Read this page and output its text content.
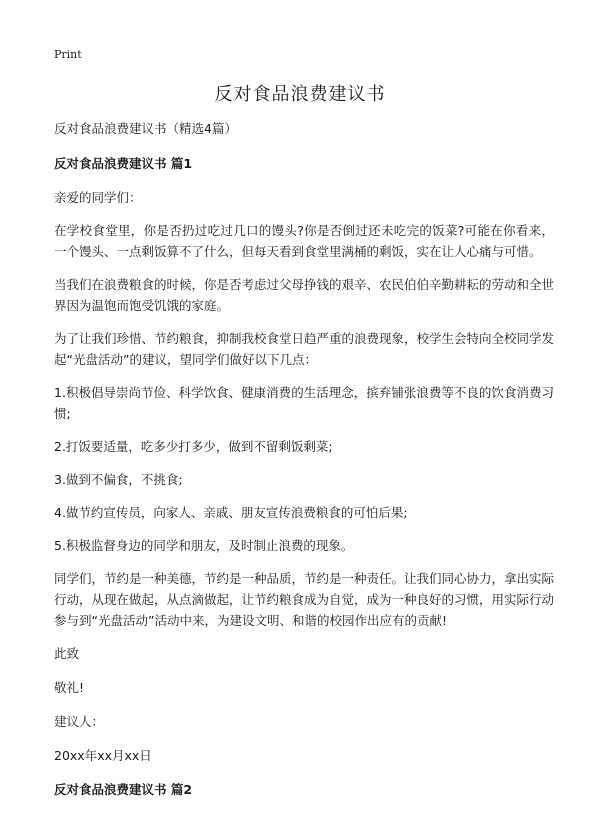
Print
反对食品浪费建议书

反对食品浪费建议书（精选4篇）

反对食品浪费建议书 篇1

亲爱的同学们：

在学校食堂里，你是否扔过吃过几口的馒头?你是否倒过还未吃完的饭菜?可能在你看来，一个馒头、一点剩饭算不了什么，但每天看到食堂里满桶的剩饭，实在让人心痛与可惜。

当我们在浪费粮食的时候，你是否考虑过父母挣钱的艰辛、农民伯伯辛勤耕耘的劳动和全世界因为温饱而饱受饥饿的家庭。

为了让我们珍惜、节约粮食，抑制我校食堂日趋严重的浪费现象，校学生会特向全校同学发起“光盘活动”的建议，望同学们做好以下几点：

1.积极倡导崇尚节俭、科学饮食、健康消费的生活理念，摈弃铺张浪费等不良的饮食消费习惯;

2.打饭要适量，吃多少打多少，做到不留剩饭剩菜;

3.做到不偏食，不挑食;

4.做节约宣传员，向家人、亲戚、朋友宣传浪费粮食的可怕后果;

5.积极监督身边的同学和朋友，及时制止浪费的现象。

同学们，节约是一种美德，节约是一种品质，节约是一种责任。让我们同心协力，拿出实际行动，从现在做起，从点滴做起，让节约粮食成为自觉，成为一种良好的习惯，用实际行动参与到“光盘活动”活动中来，为建设文明、和谐的校园作出应有的贡献!

此致

敬礼!

建议人：

20xx年xx月xx日

反对食品浪费建议书 篇2
